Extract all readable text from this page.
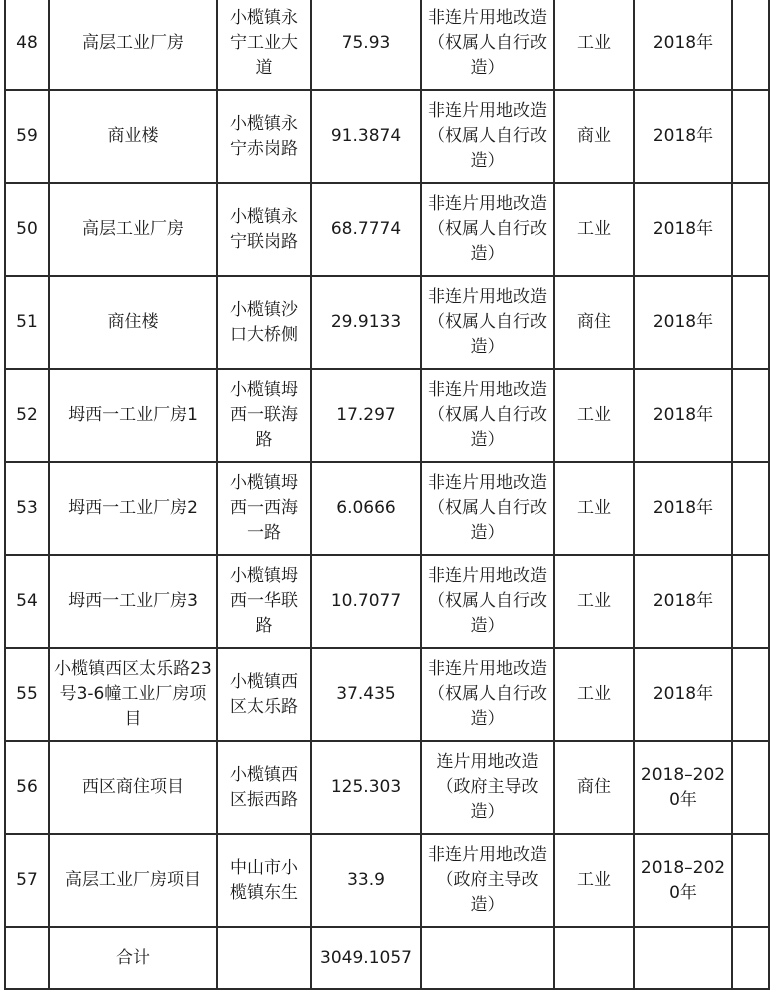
48	高层工业厂房	小榄镇永宁工业大道	75.93	非连片用地改造（权属人自行改造）	工业	2018年	
59	商业楼	小榄镇永宁赤岗路	91.3874	非连片用地改造（权属人自行改造）	商业	2018年	
50	高层工业厂房	小榄镇永宁联岗路	68.7774	非连片用地改造 （权属人自行改造）	工业	2018年	
51	商住楼	小榄镇沙口大桥侧	29.9133	非连片用地改造（权属人自行改造）	商住	2018年	
52	坶西一工业厂房1	小榄镇坶西一联海路	17.297	非连片用地改造 （权属人自行改造）	工业	2018年	
53	坶西一工业厂房2	小榄镇坶西一西海一路	6.0666	非连片用地改造 （权属人自行改造）	工业	2018年	
54	坶西一工业厂房3	小榄镇坶西一华联路	10.7077	非连片用地改造 （权属人自行改造）	工业	2018年	
55	小榄镇西区太乐路23号3-6幢工业厂房项目	小榄镇西区太乐路	37.435	非连片用地改造（权属人自行改造）	工业	2018年	
56	西区商住项目	小榄镇西区振西路	125.303	连片用地改造 （政府主导改造）	商住	2018–2020年	
57	高层工业厂房项目	中山市小榄镇东生	33.9	非连片用地改造 （政府主导改造）	工业	2018–2020年	
	合计		3049.1057				
